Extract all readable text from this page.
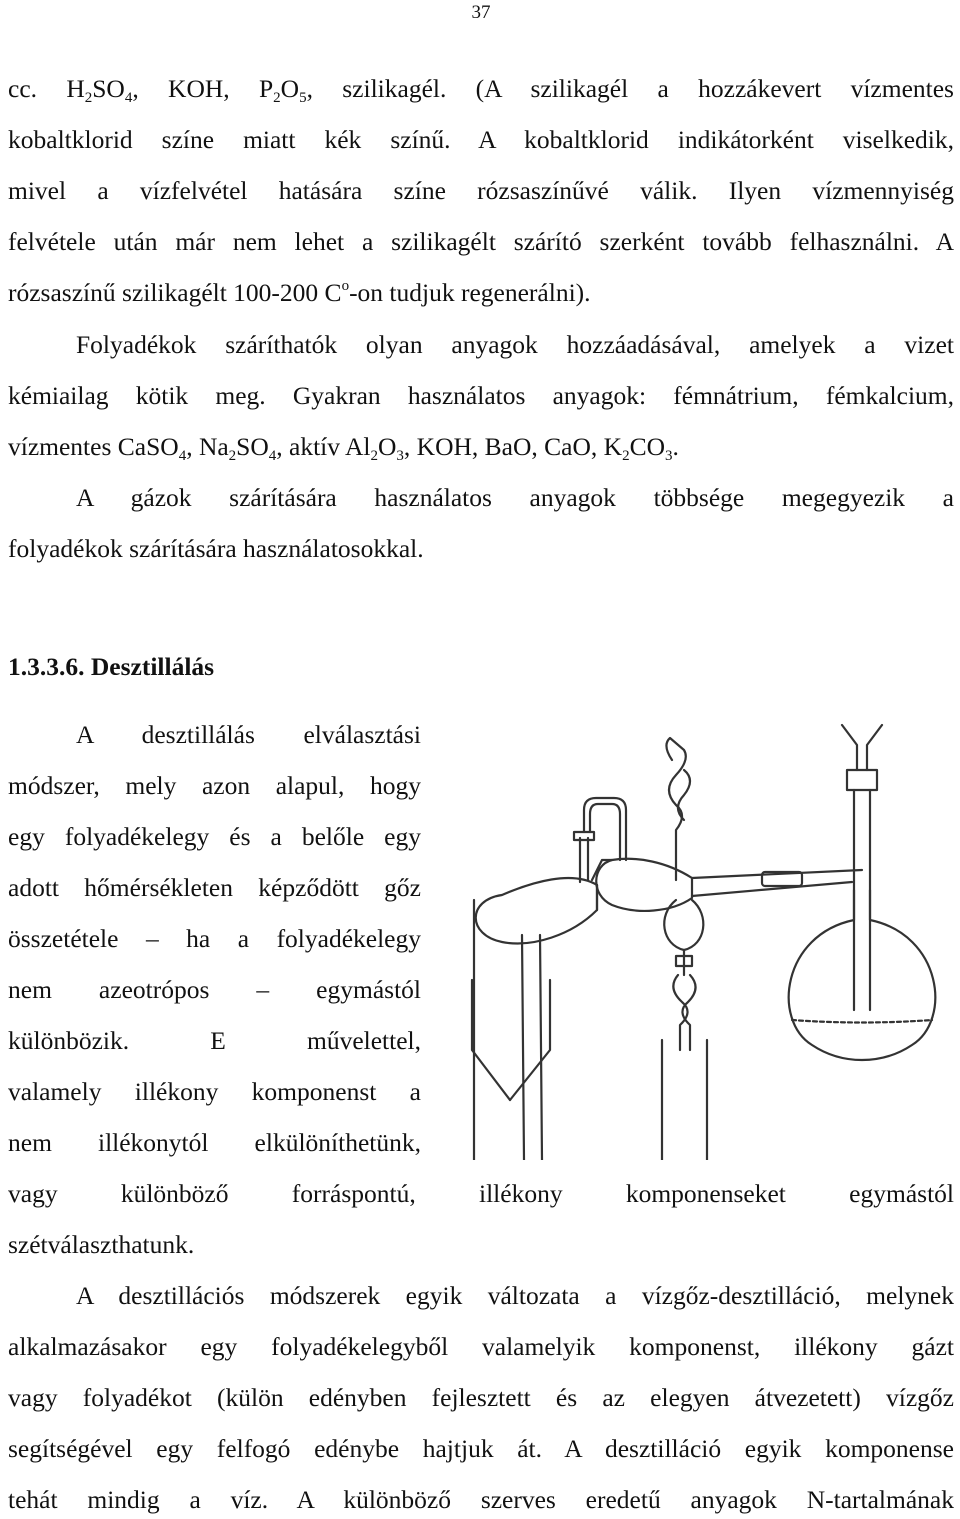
37
cc. $H_2SO_4$, KOH, $P_2O_5$, szilikagél. (A szilikagél a hozzákevert vízmentes
kobaltklorid színe miatt kék színű. A kobaltklorid indikátorként viselkedik,
mivel a vízfelvétel hatására színe rózsaszínűvé válik. Ilyen vízmennyiség
felvétele után már nem lehet a szilikagélt szárító szerként tovább felhasználni. A
rózsaszínű szilikagélt 100-200 $C^o-on$ tudjuk regenerálni).
Folyadékok száríthatók olyan anyagok hozzáadásával, amelyek a vizet
kémiailag kötik meg. Gyakran használatos anyagok: fémnátrium, fémkalcium,
vízmentes CaSO$_4$, $Na_2SO_4$, aktív $Al_2O_3$, KOH, BaO, CaO, $K_2CO_3$.
A gázok szárítására használatos anyagok többsége megegyezik a
folyadékok szárítására használatosokkal.
1.3.3.6. Desztillálás
A desztillálás elválasztási
módszer, mely azon alapul, hogy
egy folyadékelegy és a belőle egy
adott hőmérsékleten képződött gőz
összetétele – ha a folyadékelegy
nem azeotrópos – egymástól
különbözik. E művelettel,
valamely illékony komponenst a
nem illékonytól elkülöníthetünk,
vagy különböző forráspontú, illékony komponenseket egymástól
szétválaszthatunk.
A desztillációs módszerek egyik változata a vízgőz-desztilláció, melynek
alkalmazásakor egy folyadékelegyből valamelyik komponenst, illékony gázt
vagy folyadékot (külön edényben fejlesztett és az elegyen átvezetett) vízgőz
segítségével egy felfogó edénybe hajtjuk át. A desztilláció egyik komponense
tehát mindig a víz. A különböző szerves eredetű anyagok N-tartalmának
